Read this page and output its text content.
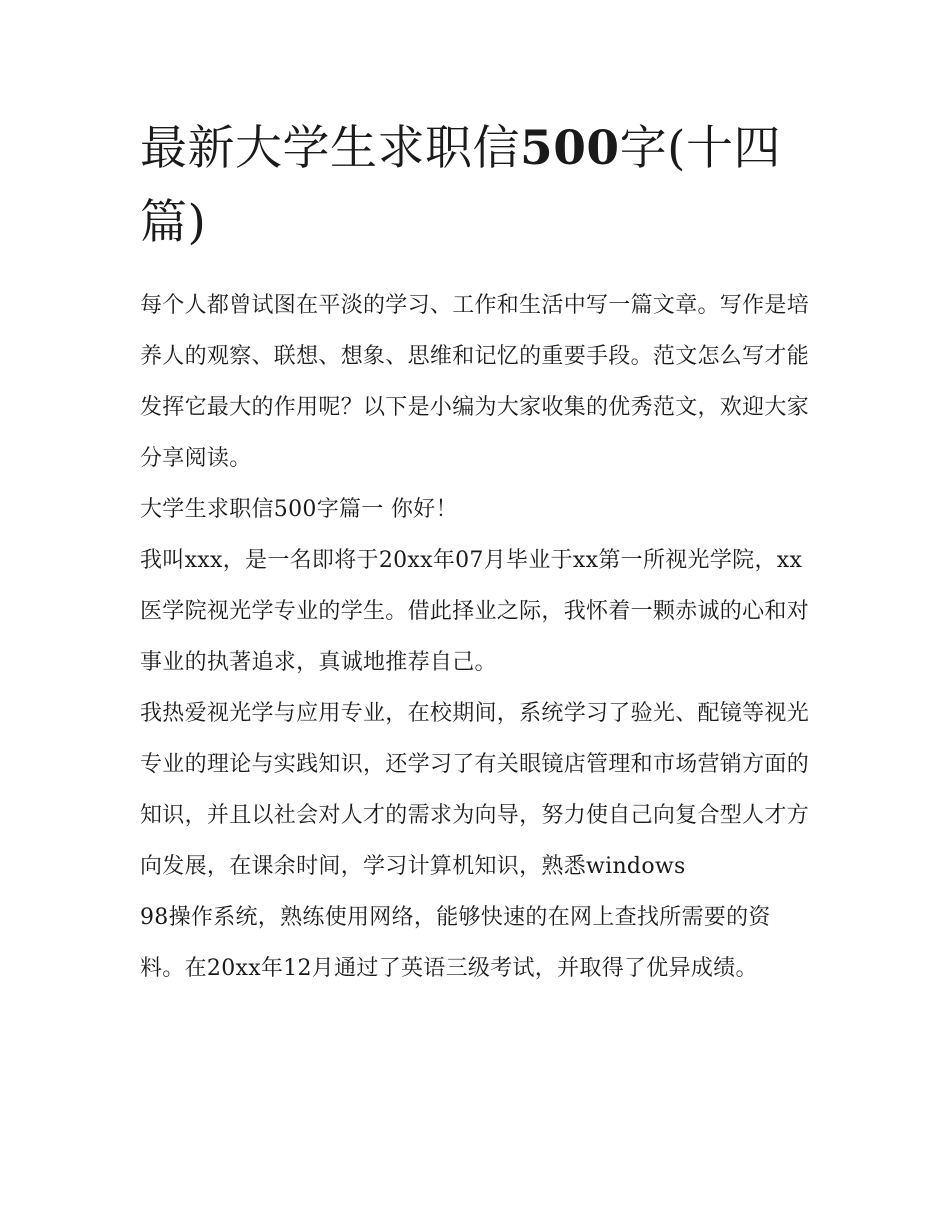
最新大学生求职信500字(十四篇)

每个人都曾试图在平淡的学习、工作和生活中写一篇文章。写作是培养人的观察、联想、想象、思维和记忆的重要手段。范文怎么写才能发挥它最大的作用呢？以下是小编为大家收集的优秀范文，欢迎大家分享阅读。

大学生求职信500字篇一 你好！

我叫xxx，是一名即将于20xx年07月毕业于xx第一所视光学院，xx医学院视光学专业的学生。借此择业之际，我怀着一颗赤诚的心和对事业的执著追求，真诚地推荐自己。

我热爱视光学与应用专业，在校期间，系统学习了验光、配镜等视光专业的理论与实践知识，还学习了有关眼镜店管理和市场营销方面的知识，并且以社会对人才的需求为向导，努力使自己向复合型人才方向发展，在课余时间，学习计算机知识，熟悉windows

98操作系统，熟练使用网络，能够快速的在网上查找所需要的资料。在20xx年12月通过了英语三级考试，并取得了优异成绩。
